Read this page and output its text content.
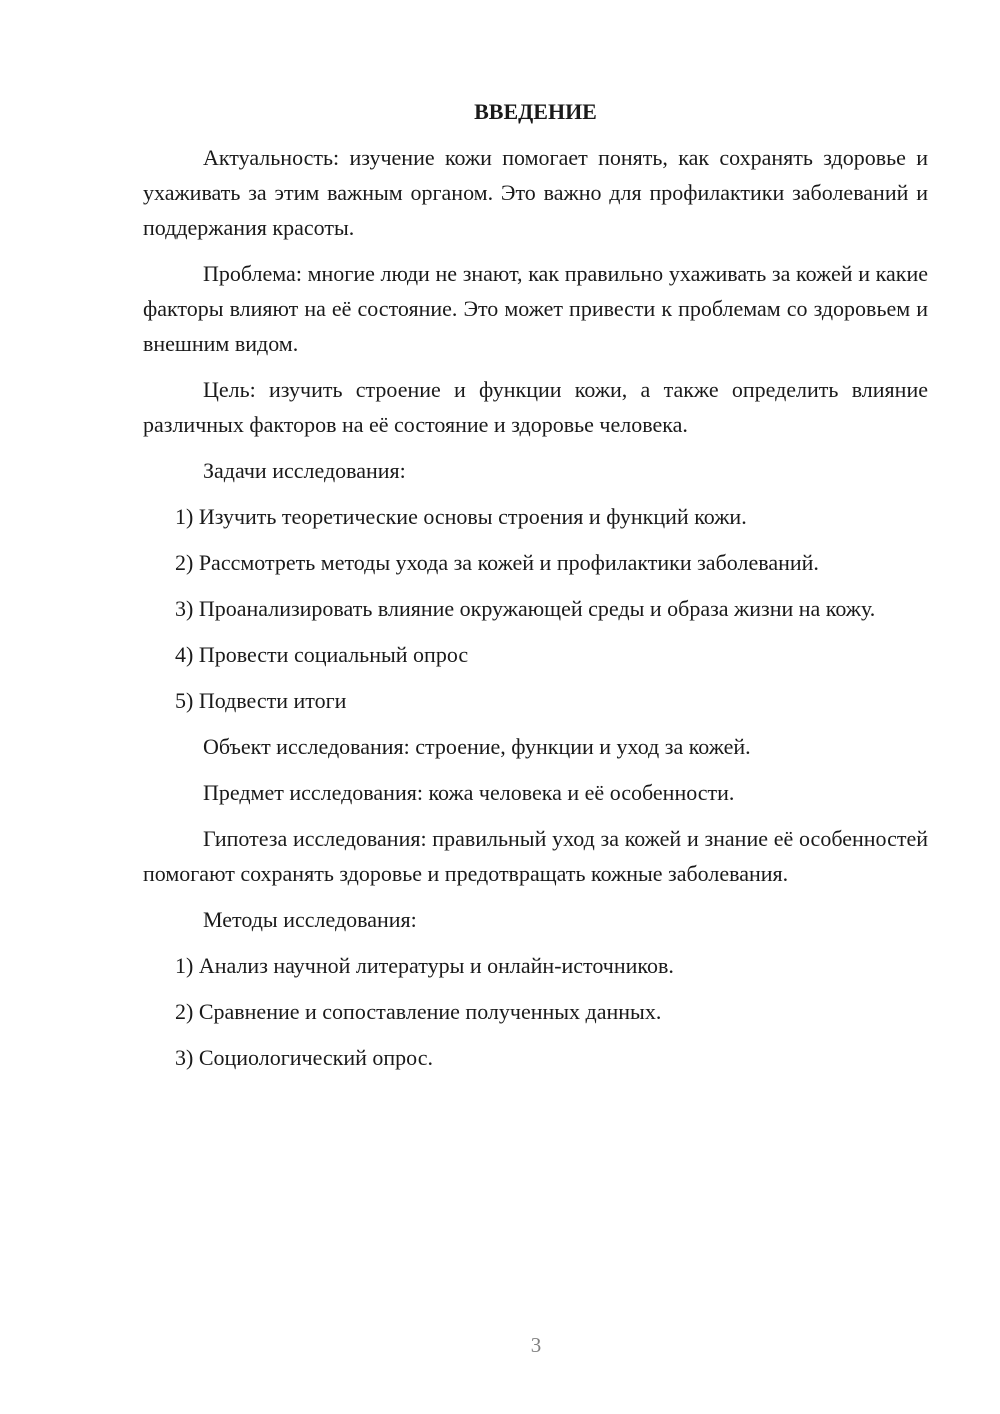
ВВЕДЕНИЕ

Актуальность: изучение кожи помогает понять, как сохранять здоровье и ухаживать за этим важным органом. Это важно для профилактики заболеваний и поддержания красоты.

Проблема: многие люди не знают, как правильно ухаживать за кожей и какие факторы влияют на её состояние. Это может привести к проблемам со здоровьем и внешним видом.

Цель: изучить строение и функции кожи, а также определить влияние различных факторов на её состояние и здоровье человека.

Задачи исследования:

1) Изучить теоретические основы строения и функций кожи.

2) Рассмотреть методы ухода за кожей и профилактики заболеваний.

3) Проанализировать влияние окружающей среды и образа жизни на кожу.

4) Провести социальный опрос

5) Подвести итоги

Объект исследования: строение, функции и уход за кожей.

Предмет исследования: кожа человека и её особенности.

Гипотеза исследования: правильный уход за кожей и знание её особенностей помогают сохранять здоровье и предотвращать кожные заболевания.

Методы исследования:

1) Анализ научной литературы и онлайн-источников.

2) Сравнение и сопоставление полученных данных.

3) Социологический опрос.

3
